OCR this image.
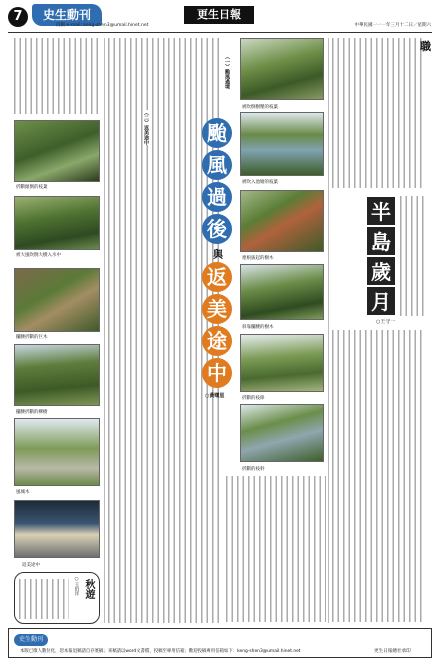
7	史生動刊
投稿 e-mail: keng-shen3@umail.hinet.net
更生日報
中華民國一一一年三月十二日／星期六
折斷傾倒的枝葉
被大風吹倒大樹入水中
攔腰折斷的巨木
攔腰折斷的柳樹
風城木
返美途中
秋遊
○王伯洋
（一）颱風過境
（二）返美途中	颱
風
過
後
與
返
美
途
中
○黃曙星
被吹倒樹壓的枝葉
被吹入池塘的枝葉
連根拔起的樹木
斜靠攔腰的樹木
折斷的枝條
折斷的枝幹
職
半
島
歲
月
○王守一
史生動刊
本版已徵人數位化，恕本報退稿請自存底稿；來稿請以word文書檔，投稿至專用信箱；歡迎投稿專用信箱如下：keng-shen3@umail.hinet.net	更生日報總社承印
